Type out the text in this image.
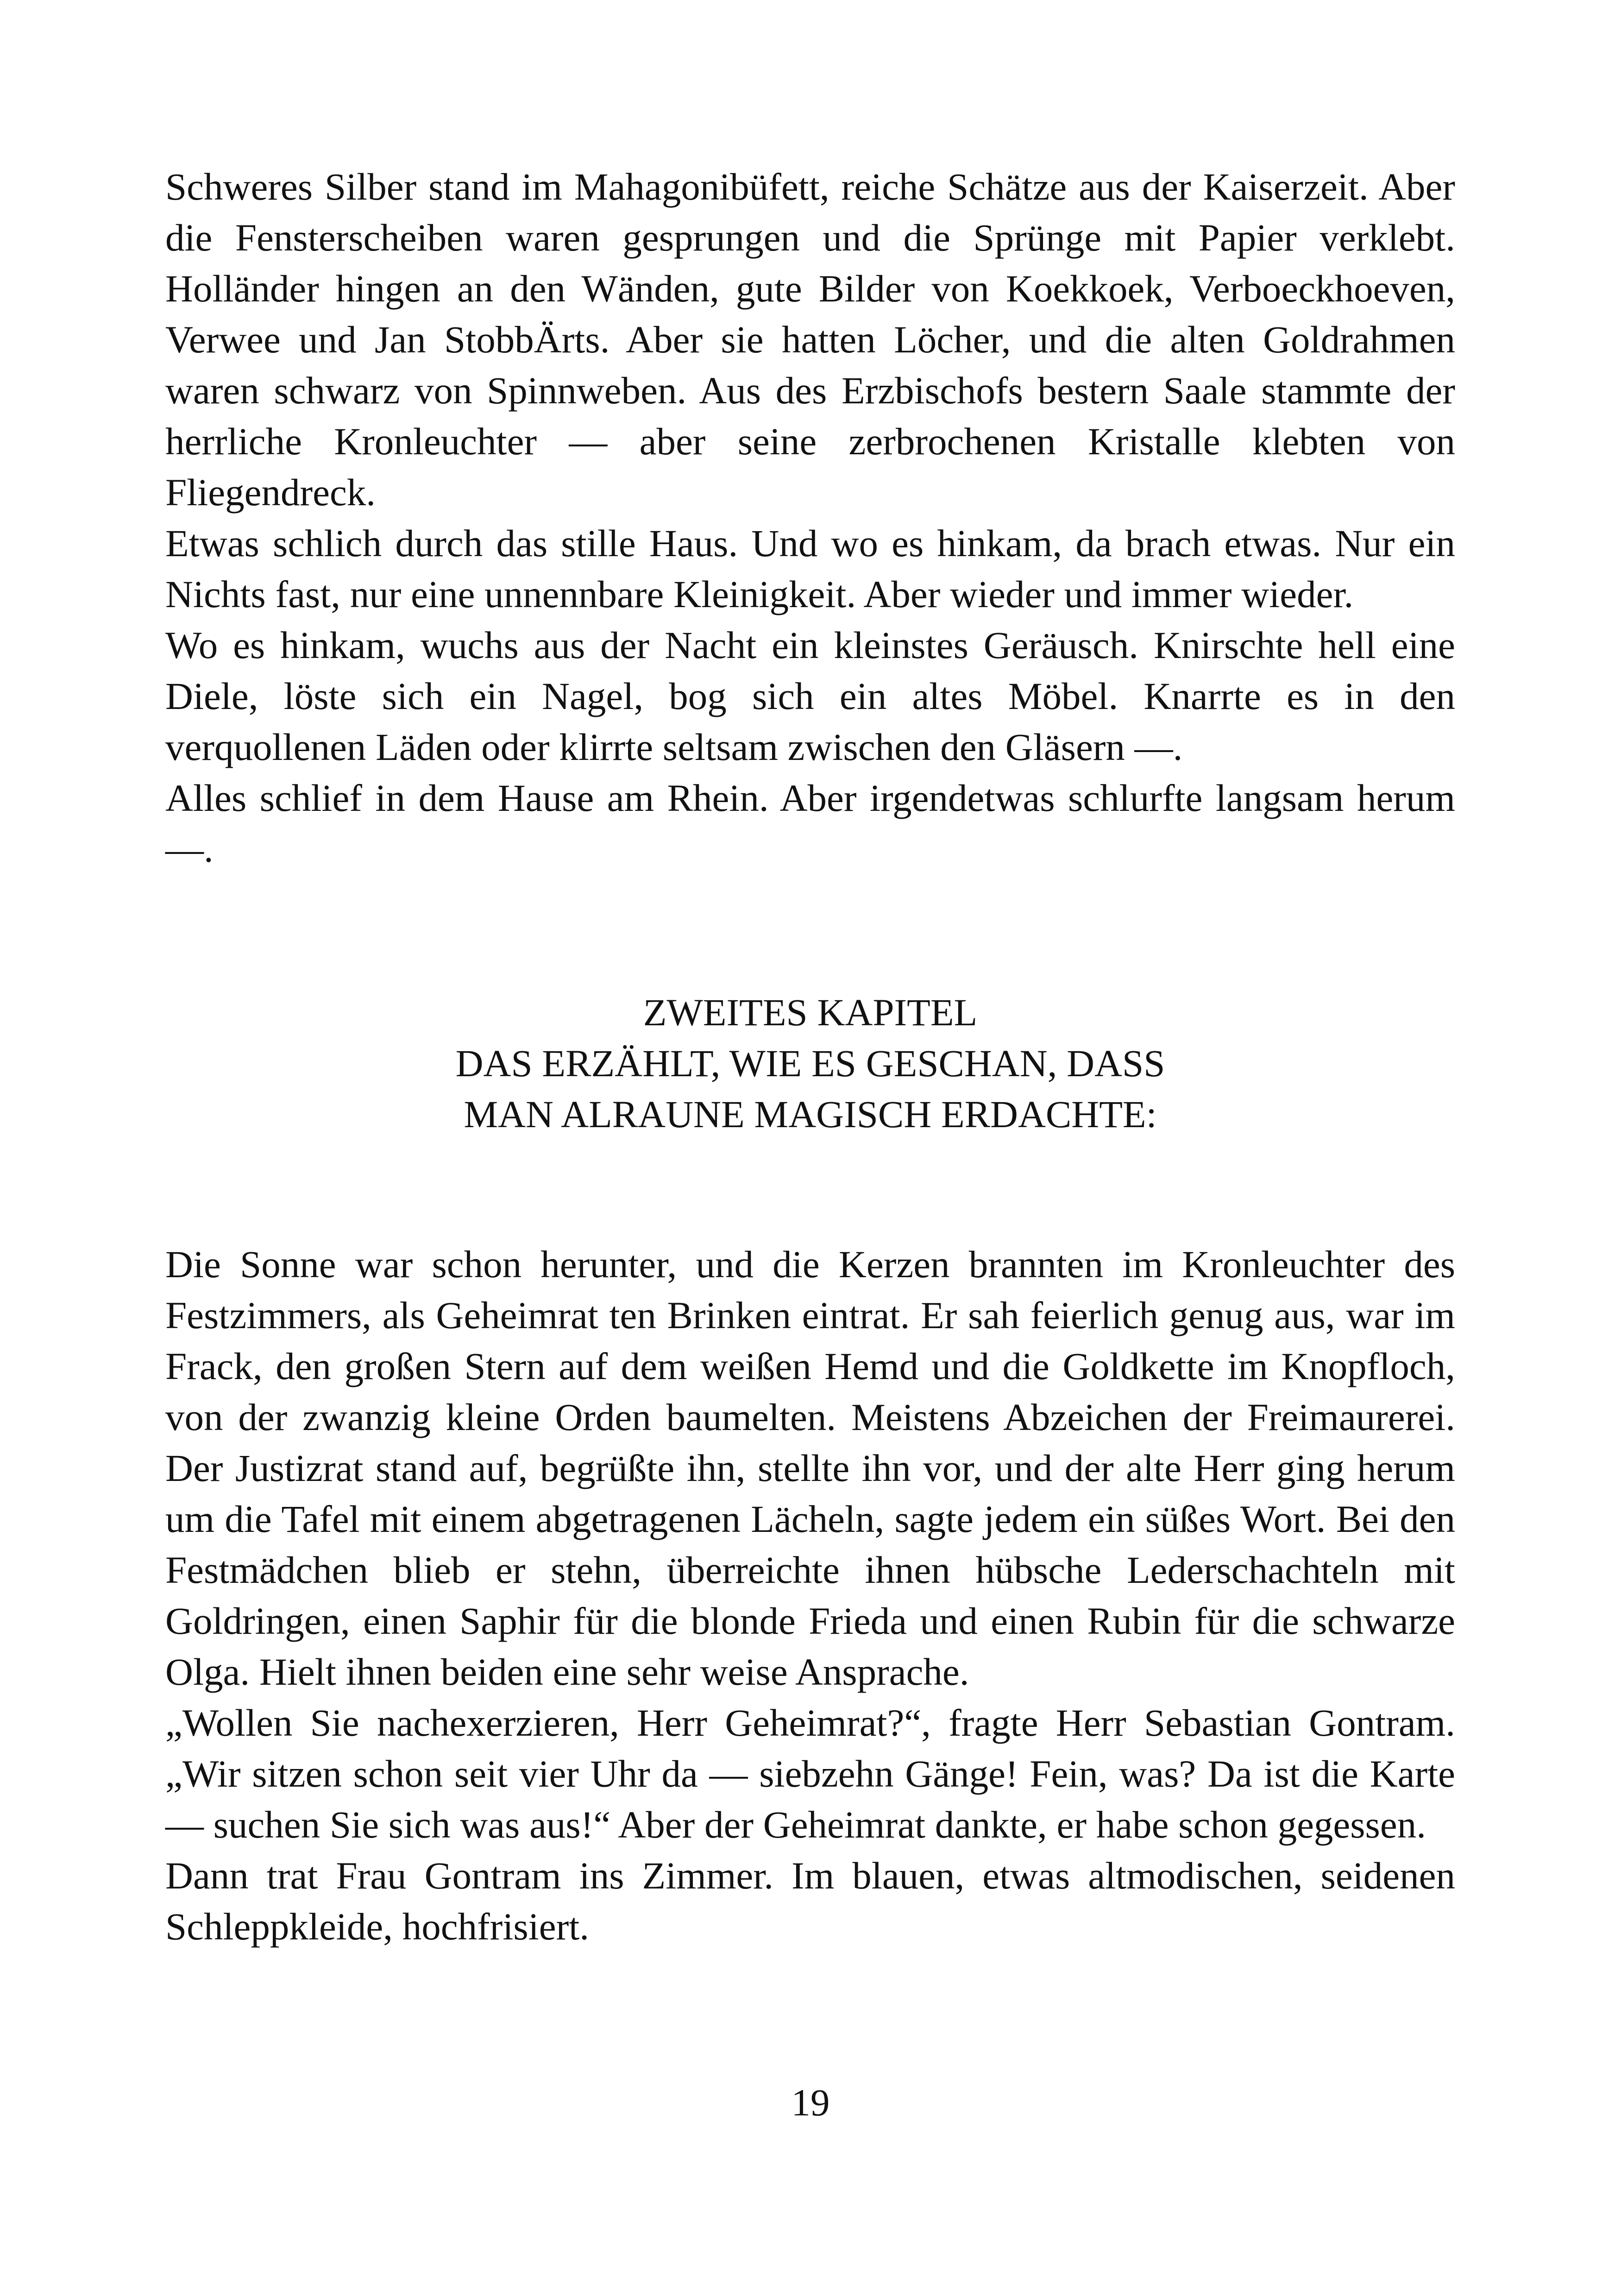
Schweres Silber stand im Mahagonibüfett, reiche Schätze aus der Kaiserzeit. Aber die Fensterscheiben waren gesprungen und die Sprünge mit Papier verklebt. Holländer hingen an den Wänden, gute Bilder von Koekkoek, Verboeckhoeven, Verwee und Jan StobbÄrts. Aber sie hatten Löcher, und die alten Goldrahmen waren schwarz von Spinnweben. Aus des Erzbischofs bestern Saale stammte der herrliche Kronleuchter — aber seine zerbrochenen Kristalle klebten von Fliegendreck.

Etwas schlich durch das stille Haus. Und wo es hinkam, da brach etwas. Nur ein Nichts fast, nur eine unnennbare Kleinigkeit. Aber wieder und immer wieder.

Wo es hinkam, wuchs aus der Nacht ein kleinstes Geräusch. Knirschte hell eine Diele, löste sich ein Nagel, bog sich ein altes Möbel. Knarrte es in den verquollenen Läden oder klirrte seltsam zwischen den Gläsern —.

Alles schlief in dem Hause am Rhein. Aber irgendetwas schlurfte langsam herum —.

ZWEITES KAPITEL
DAS ERZÄHLT, WIE ES GESCHAN, DASS
MAN ALRAUNE MAGISCH ERDACHTE:

Die Sonne war schon herunter, und die Kerzen brannten im Kronleuchter des Festzimmers, als Geheimrat ten Brinken eintrat. Er sah feierlich genug aus, war im Frack, den großen Stern auf dem weißen Hemd und die Goldkette im Knopfloch, von der zwanzig kleine Orden baumelten. Meistens Abzeichen der Freimaurerei. Der Justizrat stand auf, begrüßte ihn, stellte ihn vor, und der alte Herr ging herum um die Tafel mit einem abgetragenen Lächeln, sagte jedem ein süßes Wort. Bei den Festmädchen blieb er stehn, überreichte ihnen hübsche Lederschachteln mit Goldringen, einen Saphir für die blonde Frieda und einen Rubin für die schwarze Olga. Hielt ihnen beiden eine sehr weise Ansprache.

„Wollen Sie nachexerzieren, Herr Geheimrat?“, fragte Herr Sebastian Gontram. „Wir sitzen schon seit vier Uhr da — siebzehn Gänge! Fein, was? Da ist die Karte — suchen Sie sich was aus!“ Aber der Geheimrat dankte, er habe schon gegessen.

Dann trat Frau Gontram ins Zimmer. Im blauen, etwas altmodischen, seidenen Schleppkleide, hochfrisiert.

19
